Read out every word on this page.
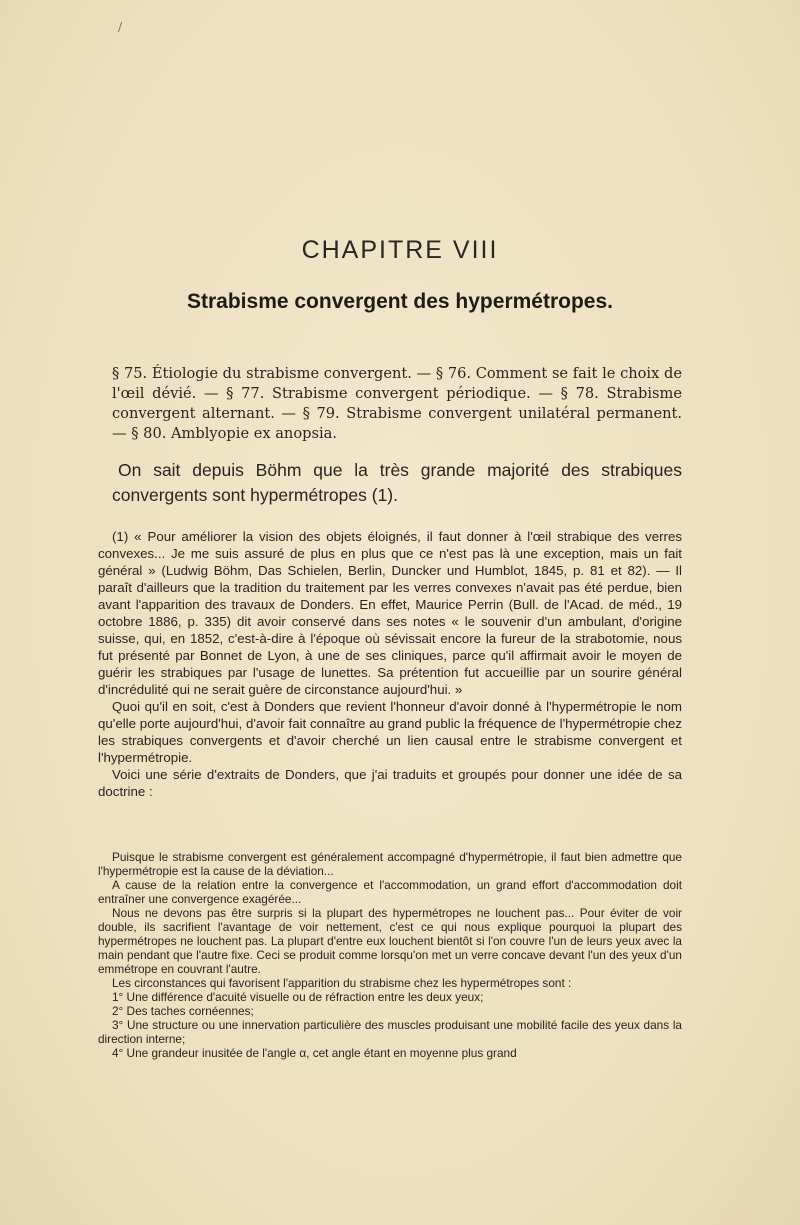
/
CHAPITRE VIII
Strabisme convergent des hypermétropes.
§ 75. Étiologie du strabisme convergent. — § 76. Comment se fait le choix de l'œil dévié. — § 77. Strabisme convergent périodique. — § 78. Strabisme convergent alternant. — § 79. Strabisme convergent unilatéral permanent. — § 80. Amblyopie ex anopsia.
On sait depuis Böhm que la très grande majorité des strabiques convergents sont hypermétropes (1).

(1) « Pour améliorer la vision des objets éloignés, il faut donner à l'œil strabique des verres convexes... Je me suis assuré de plus en plus que ce n'est pas là une exception, mais un fait général » (Ludwig Böhm, Das Schielen, Berlin, Duncker und Humblot, 1845, p. 81 et 82). — Il paraît d'ailleurs que la tradition du traitement par les verres convexes n'avait pas été perdue, bien avant l'apparition des travaux de Donders. En effet, Maurice Perrin (Bull. de l'Acad. de méd., 19 octobre 1886, p. 335) dit avoir conservé dans ses notes « le souvenir d'un ambulant, d'origine suisse, qui, en 1852, c'est-à-dire à l'époque où sévissait encore la fureur de la strabotomie, nous fut présenté par Bonnet de Lyon, à une de ses cliniques, parce qu'il affirmait avoir le moyen de guérir les strabiques par l'usage de lunettes. Sa prétention fut accueillie par un sourire général d'incrédulité qui ne serait guère de circonstance aujourd'hui. »

Quoi qu'il en soit, c'est à Donders que revient l'honneur d'avoir donné à l'hypermétropie le nom qu'elle porte aujourd'hui, d'avoir fait connaître au grand public la fréquence de l'hypermétropie chez les strabiques convergents et d'avoir cherché un lien causal entre le strabisme convergent et l'hypermétropie.

Voici une série d'extraits de Donders, que j'ai traduits et groupés pour donner une idée de sa doctrine :

Puisque le strabisme convergent est généralement accompagné d'hypermétropie, il faut bien admettre que l'hypermétropie est la cause de la déviation...

A cause de la relation entre la convergence et l'accommodation, un grand effort d'accommodation doit entraîner une convergence exagérée...

Nous ne devons pas être surpris si la plupart des hypermétropes ne louchent pas... Pour éviter de voir double, ils sacrifient l'avantage de voir nettement, c'est ce qui nous explique pourquoi la plupart des hypermétropes ne louchent pas. La plupart d'entre eux louchent bientôt si l'on couvre l'un de leurs yeux avec la main pendant que l'autre fixe. Ceci se produit comme lorsqu'on met un verre concave devant l'un des yeux d'un emmétrope en couvrant l'autre.

Les circonstances qui favorisent l'apparition du strabisme chez les hypermétropes sont :

1° Une différence d'acuité visuelle ou de réfraction entre les deux yeux;

2° Des taches cornéennes;

3° Une structure ou une innervation particulière des muscles produisant une mobilité facile des yeux dans la direction interne;

4° Une grandeur inusitée de l'angle α, cet angle étant en moyenne plus grand
